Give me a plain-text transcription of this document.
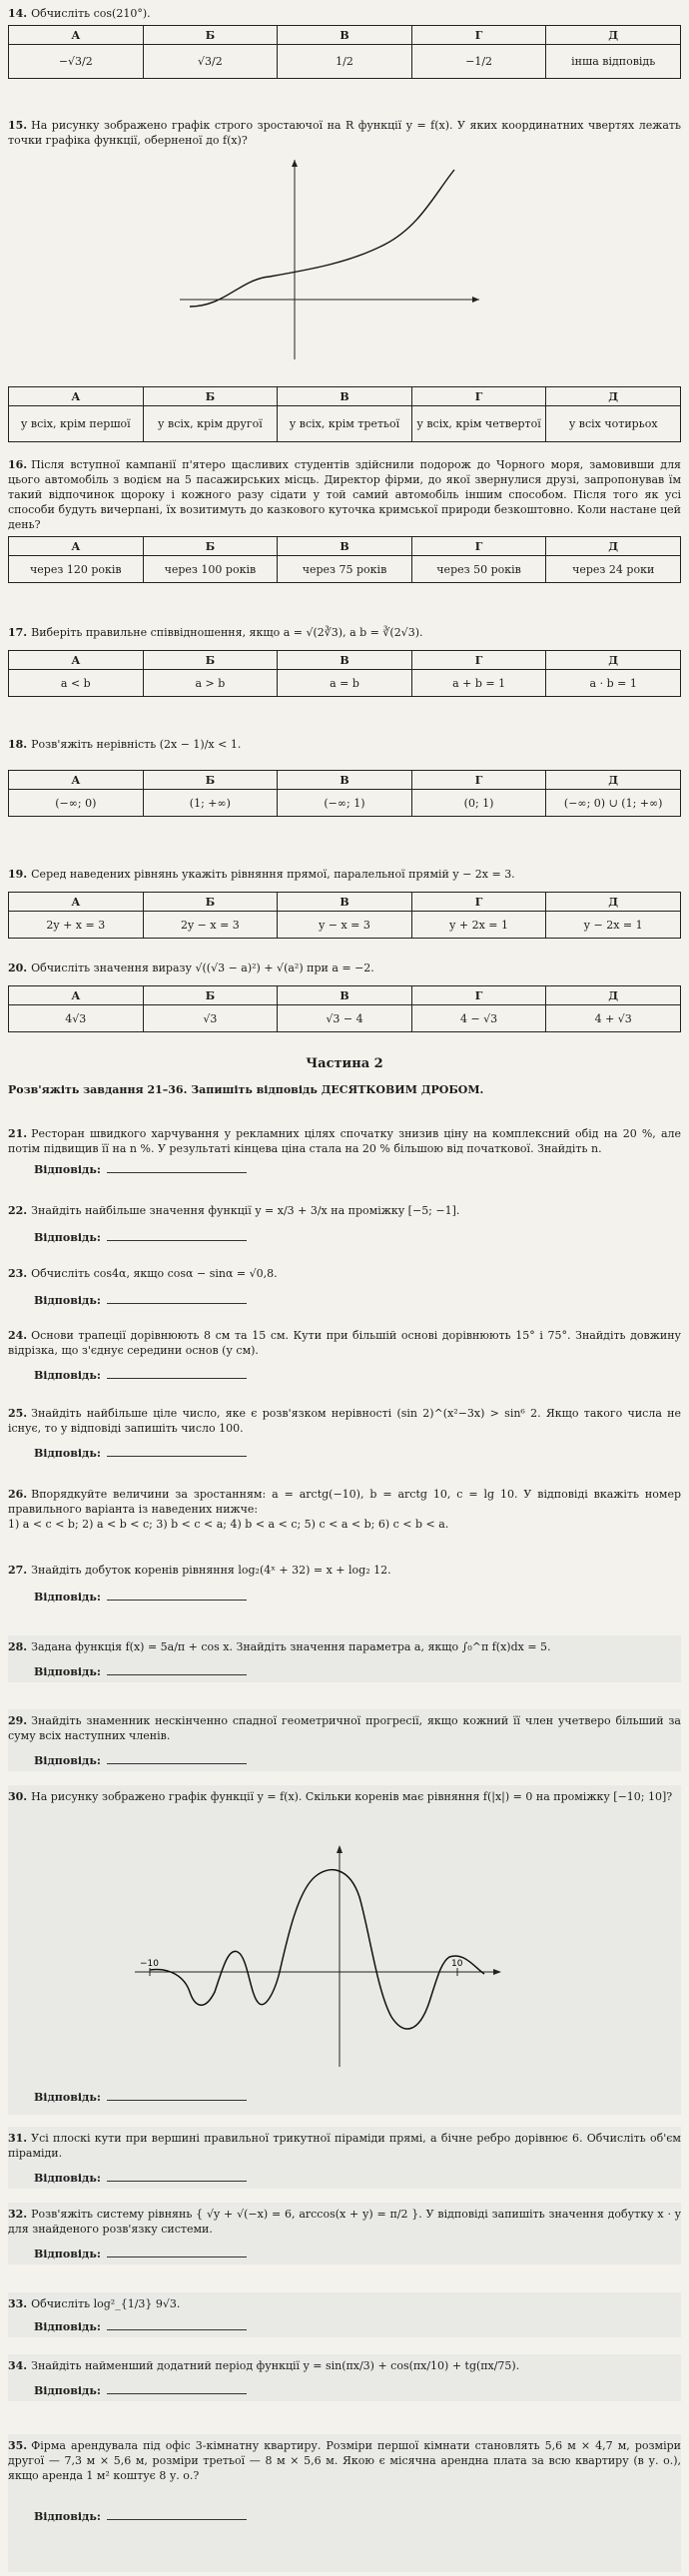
14. Обчисліть cos(210°).
А	Б	В	Г	Д
−√3/2	√3/2	1/2	−1/2	інша відповідь
15. На рисунку зображено графік строго зростаючої на R функції y = f(x). У яких координатних чвертях лежать точки графіка функції, оберненої до f(x)?
А	Б	В	Г	Д
у всіх, крім першої	у всіх, крім другої	у всіх, крім третьої	у всіх, крім четвертої	у всіх чотирьох
16. Після вступної кампанії п'ятеро щасливих студентів здійснили подорож до Чорного моря, замовивши для цього автомобіль з водієм на 5 пасажирських місць. Директор фірми, до якої звернулися друзі, запропонував їм такий відпочинок щороку і кожного разу сідати у той самий автомобіль іншим способом. Після того як усі способи будуть вичерпані, їх возитимуть до казкового куточка кримської природи безкоштовно. Коли настане цей день?
А	Б	В	Г	Д
через 120 років	через 100 років	через 75 років	через 50 років	через 24 роки
17. Виберіть правильне співвідношення, якщо a = √(2∛3), а b = ∛(2√3).
А	Б	В	Г	Д
a < b	a > b	a = b	a + b = 1	a · b = 1
18. Розв'яжіть нерівність (2x − 1)/x < 1.
А	Б	В	Г	Д
(−∞; 0)	(1; +∞)	(−∞; 1)	(0; 1)	(−∞; 0) ∪ (1; +∞)
19. Серед наведених рівнянь укажіть рівняння прямої, паралельної прямій y − 2x = 3.
А	Б	В	Г	Д
2y + x = 3	2y − x = 3	y − x = 3	y + 2x = 1	y − 2x = 1
20. Обчисліть значення виразу √((√3 − a)²) + √(a²) при a = −2.
А	Б	В	Г	Д
4√3	√3	√3 − 4	4 − √3	4 + √3
Частина 2
Розв'яжіть завдання 21–36. Запишіть відповідь ДЕСЯТКОВИМ ДРОБОМ.
21. Ресторан швидкого харчування у рекламних цілях спочатку знизив ціну на комплексний обід на 20 %, але потім підвищив її на n %. У результаті кінцева ціна стала на 20 % більшою від початкової. Знайдіть n.
Відповідь:
22. Знайдіть найбільше значення функції y = x/3 + 3/x на проміжку [−5; −1].
Відповідь:
23. Обчисліть cos4α, якщо cosα − sinα = √0,8.
Відповідь:
24. Основи трапеції дорівнюють 8 см та 15 см. Кути при більшій основі дорівнюють 15° і 75°. Знайдіть довжину відрізка, що з'єднує середини основ (у см).
Відповідь:
25. Знайдіть найбільше ціле число, яке є розв'язком нерівності (sin 2)^(x²−3x) > sin⁶ 2. Якщо такого числа не існує, то у відповіді запишіть число 100.
Відповідь:
26. Впорядкуйте величини за зростанням: a = arctg(−10), b = arctg 10, c = lg 10. У відповіді вкажіть номер правильного варіанта із наведених нижче:
1) a < c < b; 2) a < b < c; 3) b < c < a; 4) b < a < c; 5) c < a < b; 6) c < b < a.
27. Знайдіть добуток коренів рівняння log₂(4ˣ + 32) = x + log₂ 12.
Відповідь:
28. Задана функція f(x) = 5a/π + cos x. Знайдіть значення параметра a, якщо ∫₀^π f(x)dx = 5.
Відповідь:
29. Знайдіть знаменник нескінченно спадної геометричної прогресії, якщо кожний її член учетверо більший за суму всіх наступних членів.
Відповідь:
30. На рисунку зображено графік функції y = f(x). Скільки коренів має рівняння f(|x|) = 0 на проміжку [−10; 10]?
−10	10
Відповідь:
31. Усі плоскі кути при вершині правильної трикутної піраміди прямі, а бічне ребро дорівнює 6. Обчисліть об'єм піраміди.
Відповідь:
32. Розв'яжіть систему рівнянь { √y + √(−x) = 6, arccos(x + y) = π/2 }. У відповіді запишіть значення добутку x · y для знайденого розв'язку системи.
Відповідь:
33. Обчисліть log²_{1/3} 9√3.
Відповідь:
34. Знайдіть найменший додатний період функції y = sin(πx/3) + cos(πx/10) + tg(πx/75).
Відповідь:
35. Фірма арендувала під офіс 3-кімнатну квартиру. Розміри першої кімнати становлять 5,6 м × 4,7 м, розміри другої — 7,3 м × 5,6 м, розміри третьої — 8 м × 5,6 м. Якою є місячна арендна плата за всю квартиру (в у. о.), якщо аренда 1 м² коштує 8 у. о.?
Відповідь:
